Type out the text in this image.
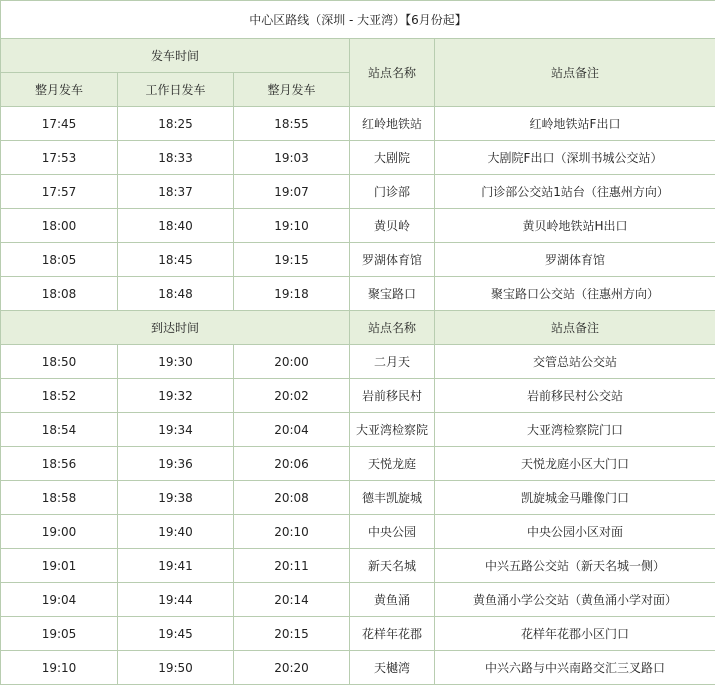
中心区路线（深圳 - 大亚湾）【6月份起】				
发车时间			站点名称	站点备注
整月发车	工作日发车	整月发车		
17:45	18:25	18:55	红岭地铁站	红岭地铁站F出口
17:53	18:33	19:03	大剧院	大剧院F出口（深圳书城公交站）
17:57	18:37	19:07	门诊部	门诊部公交站1站台（往惠州方向）
18:00	18:40	19:10	黄贝岭	黄贝岭地铁站H出口
18:05	18:45	19:15	罗湖体育馆	罗湖体育馆
18:08	18:48	19:18	聚宝路口	聚宝路口公交站（往惠州方向）
到达时间			站点名称	站点备注
18:50	19:30	20:00	二月天	交管总站公交站
18:52	19:32	20:02	岩前移民村	岩前移民村公交站
18:54	19:34	20:04	大亚湾检察院	大亚湾检察院门口
18:56	19:36	20:06	天悦龙庭	天悦龙庭小区大门口
18:58	19:38	20:08	德丰凯旋城	凯旋城金马雕像门口
19:00	19:40	20:10	中央公园	中央公园小区对面
19:01	19:41	20:11	新天名城	中兴五路公交站（新天名城一侧）
19:04	19:44	20:14	黄鱼涌	黄鱼涌小学公交站（黄鱼涌小学对面）
19:05	19:45	20:15	花样年花郡	花样年花郡小区门口
19:10	19:50	20:20	天樾湾	中兴六路与中兴南路交汇三叉路口
